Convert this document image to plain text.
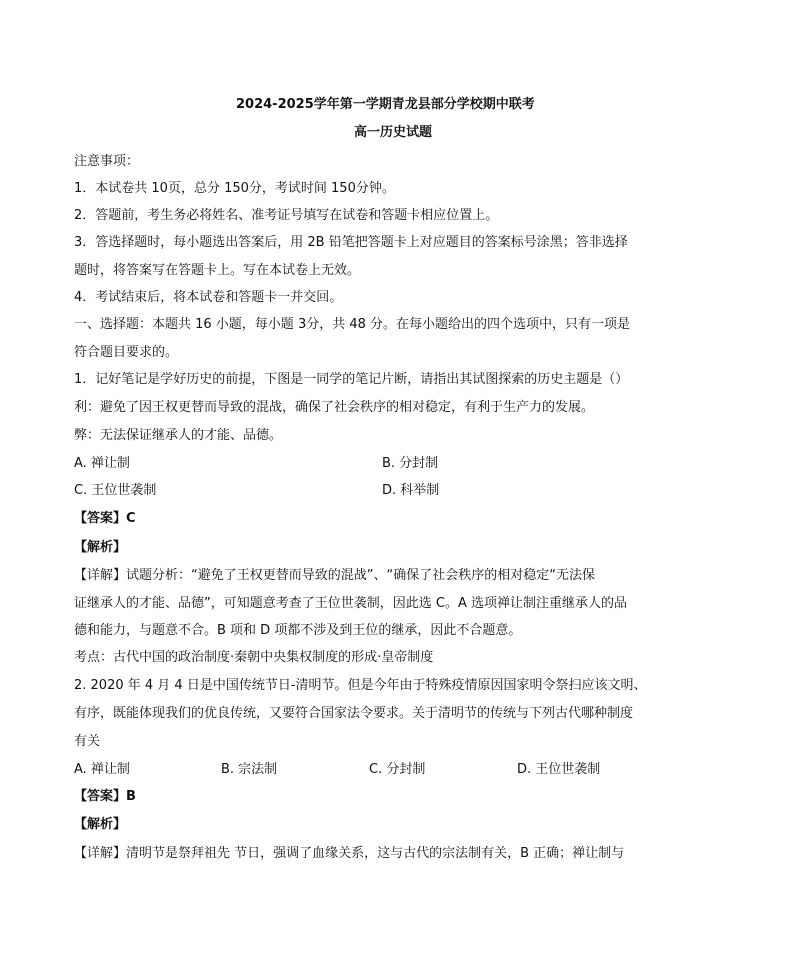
2024-2025学年第一学期青龙县部分学校期中联考
高一历史试题
注意事项：
1．本试卷共 10页，总分 150分，考试时间 150分钟。
2．答题前，考生务必将姓名、准考证号填写在试卷和答题卡相应位置上。
3．答选择题时，每小题选出答案后，用 2B 铅笔把答题卡上对应题目的答案标号涂黑；答非选择
题时，将答案写在答题卡上。写在本试卷上无效。
4．考试结束后，将本试卷和答题卡一并交回。
一、选择题：本题共 16 小题，每小题 3分，共 48 分。在每小题给出的四个选项中，只有一项是
符合题目要求的。
1．记好笔记是学好历史的前提，下图是一同学的笔记片断，请指出其试图探索的历史主题是（）
利：避免了因王权更替而导致的混战，确保了社会秩序的相对稳定，有利于生产力的发展。
弊：无法保证继承人的才能、品德。
A. 禅让制	B. 分封制
C. 王位世袭制	D. 科举制
【答案】C
【解析】
【详解】试题分析：“避免了王权更替而导致的混战”、“确保了社会秩序的相对稳定“无法保
证继承人的才能、品德”，可知题意考查了王位世袭制，因此选 C。A 选项禅让制注重继承人的品
德和能力，与题意不合。B 项和 D 项都不涉及到王位的继承，因此不合题意。
考点：古代中国的政治制度·秦朝中央集权制度的形成·皇帝制度
2. 2020 年 4 月 4 日是中国传统节日-清明节。但是今年由于特殊疫情原因国家明令祭扫应该文明、
有序，既能体现我们的优良传统，又要符合国家法令要求。关于清明节的传统与下列古代哪种制度
有关
A. 禅让制	B. 宗法制	C. 分封制	D. 王位世袭制
【答案】B
【解析】
【详解】清明节是祭拜祖先 节日，强调了血缘关系，这与古代的宗法制有关，B 正确；禅让制与
